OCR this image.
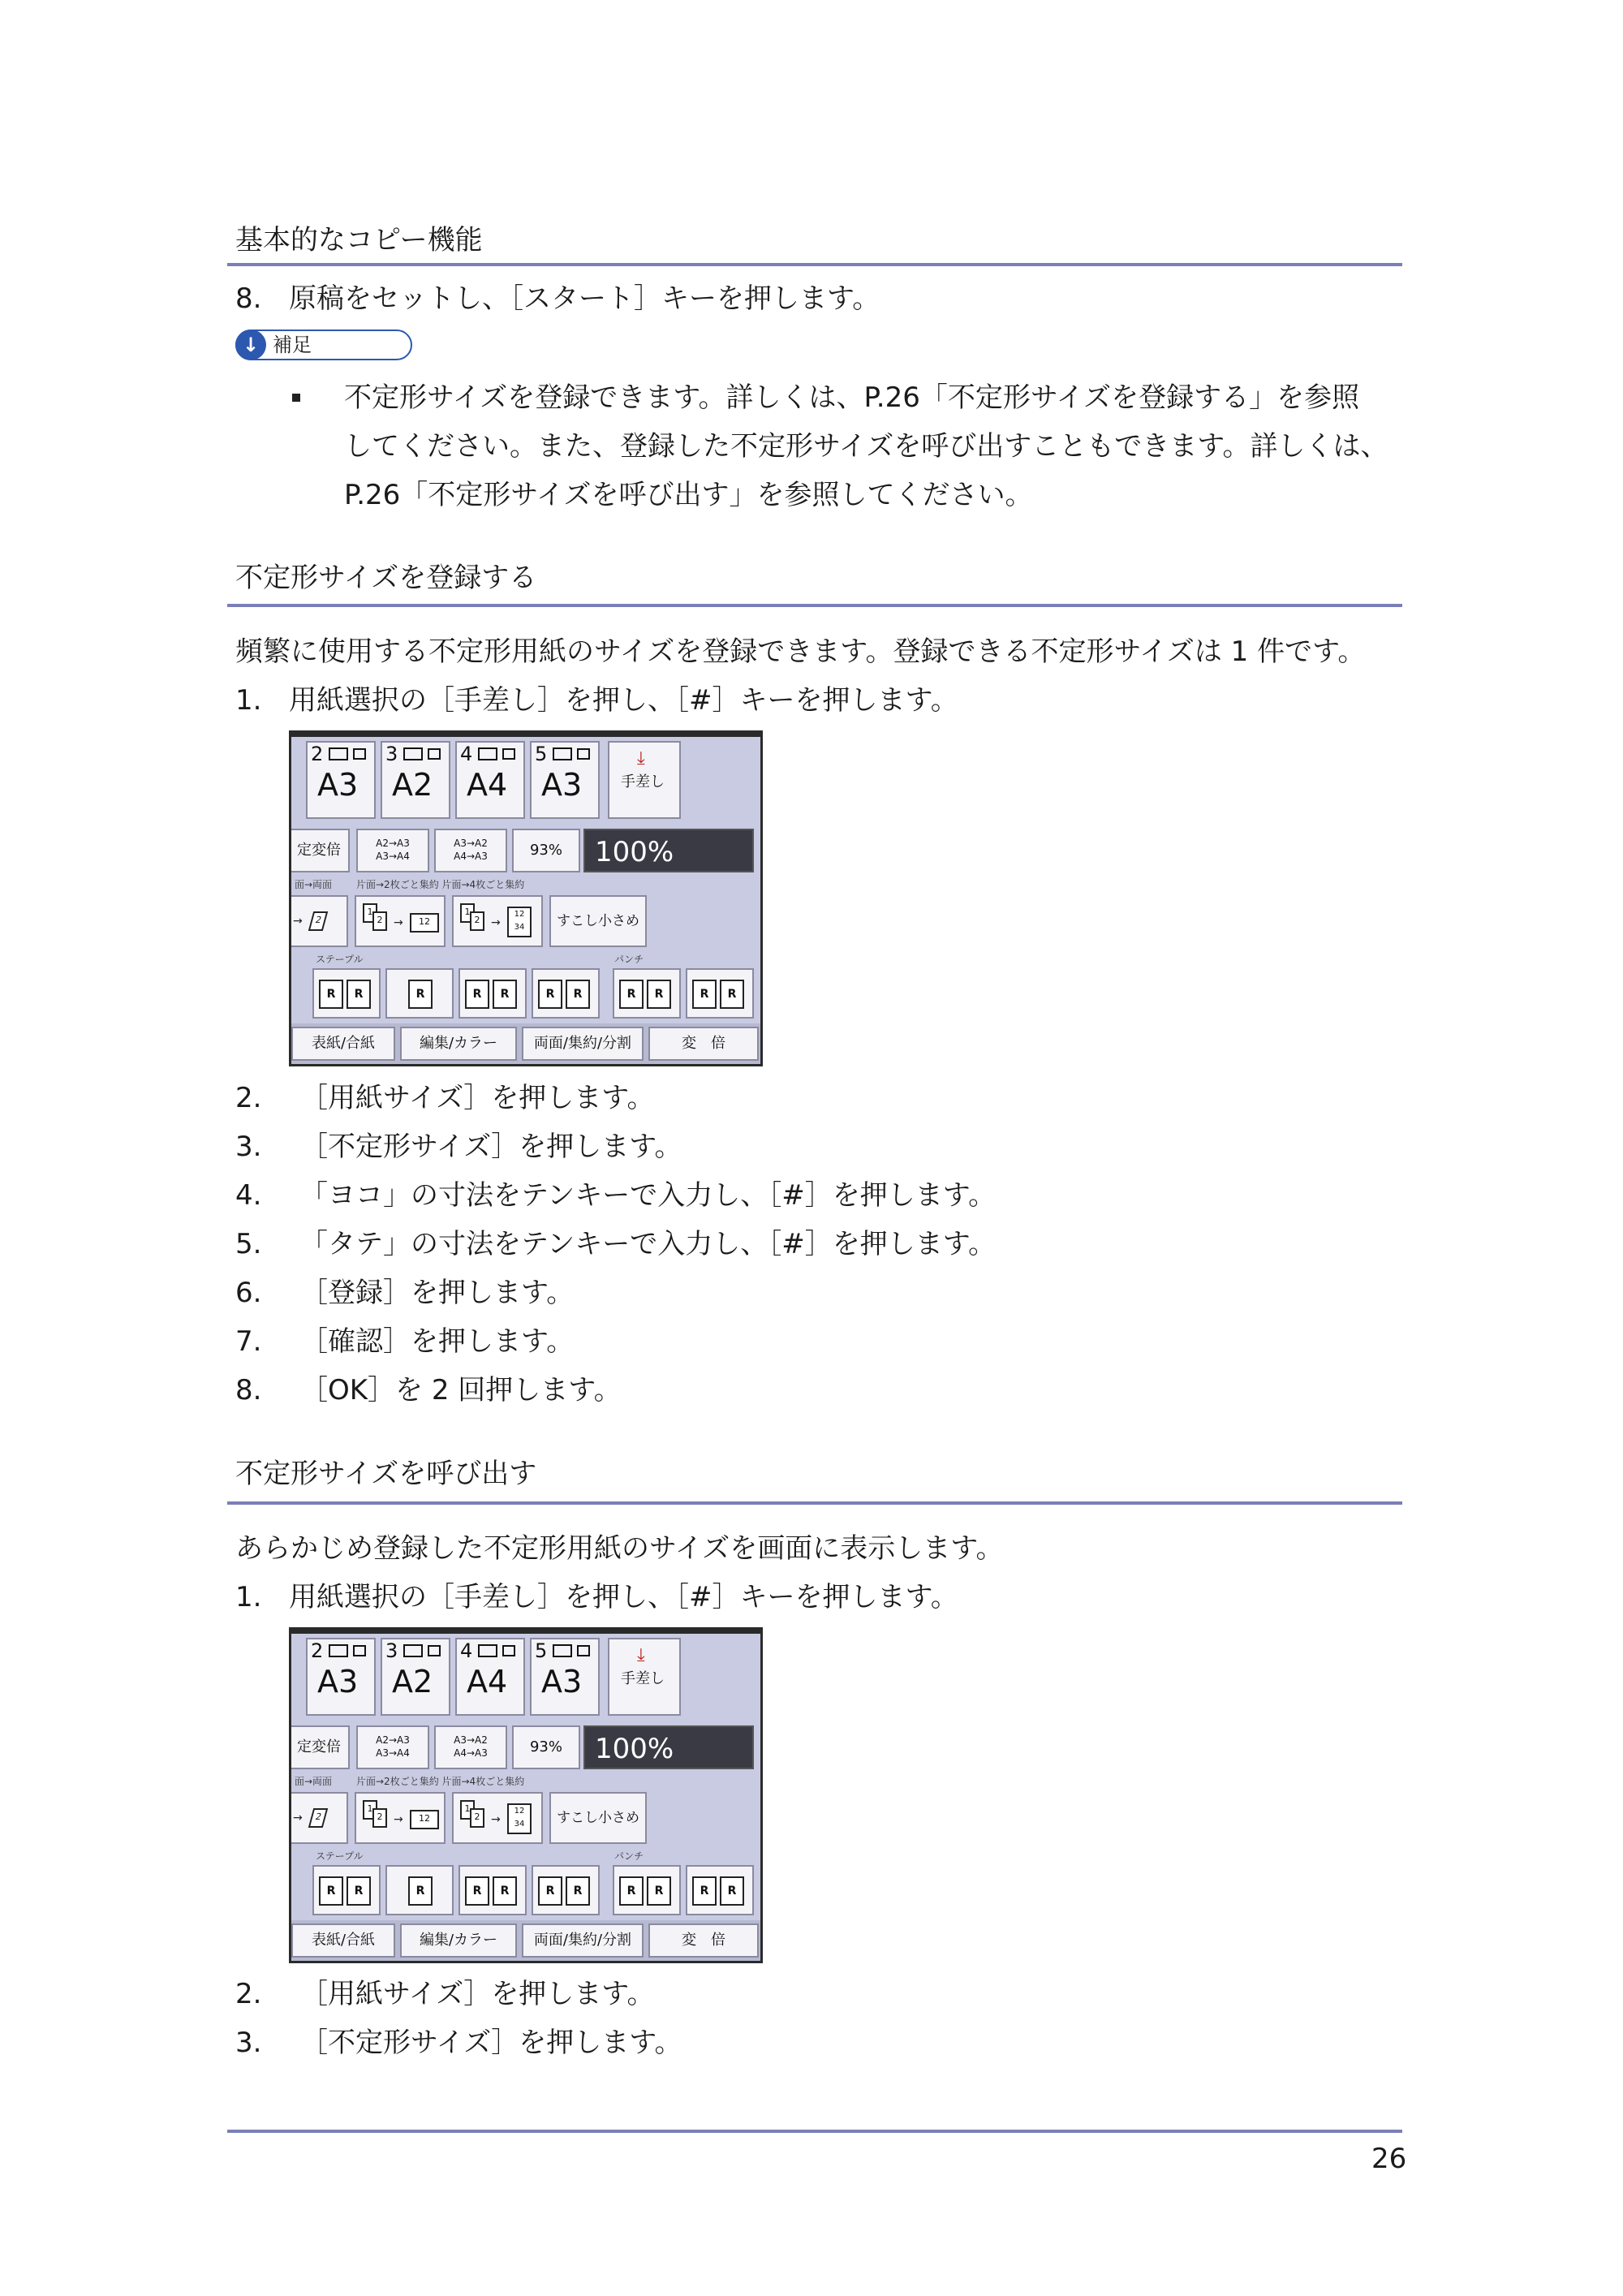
基本的なコピー機能
8. 原稿をセットし、［スタート］キーを押します。
↓ 補足
不定形サイズを登録できます。詳しくは、P.26「不定形サイズを登録する」を参照
してください。また、登録した不定形サイズを呼び出すこともできます。詳しくは、
P.26「不定形サイズを呼び出す」を参照してください。
不定形サイズを登録する
頻繁に使用する不定形用紙のサイズを登録できます。登録できる不定形サイズは 1 件です。
1. 用紙選択の［手差し］を押し、［#］キーを押します。
2
A3
3
A2
4
A4
5
A3
⤓
手差し
定変倍	A2→A3 A3→A4
A3→A2 A4→A3	93%	100%
面→両面 片面→2枚ごと集約 片面→4枚ごと集約
→	2
1
2 →	12
1
2 →
12 34	すこし小さめ
ステープル	パンチ
R	R	R	R	R	R	R	R	R	R	R
表紙/合紙	編集/カラー	両面/集約/分割	変　倍
2. ［用紙サイズ］を押します。
3. ［不定形サイズ］を押します。
4. 「ヨコ」の寸法をテンキーで入力し、［#］を押します。
5. 「タテ」の寸法をテンキーで入力し、［#］を押します。
6. ［登録］を押します。
7. ［確認］を押します。
8. ［OK］を 2 回押します。
不定形サイズを呼び出す
あらかじめ登録した不定形用紙のサイズを画面に表示します。
1. 用紙選択の［手差し］を押し、［#］キーを押します。
2
A3
3
A2
4
A4
5
A3
⤓
手差し
定変倍	A2→A3 A3→A4
A3→A2 A4→A3	93%	100%
面→両面 片面→2枚ごと集約 片面→4枚ごと集約
→	2
1
2 →	12
1
2 →
12 34	すこし小さめ
ステープル	パンチ
R	R	R	R	R	R	R	R	R	R	R
表紙/合紙	編集/カラー	両面/集約/分割	変　倍
2. ［用紙サイズ］を押します。
3. ［不定形サイズ］を押します。
26
